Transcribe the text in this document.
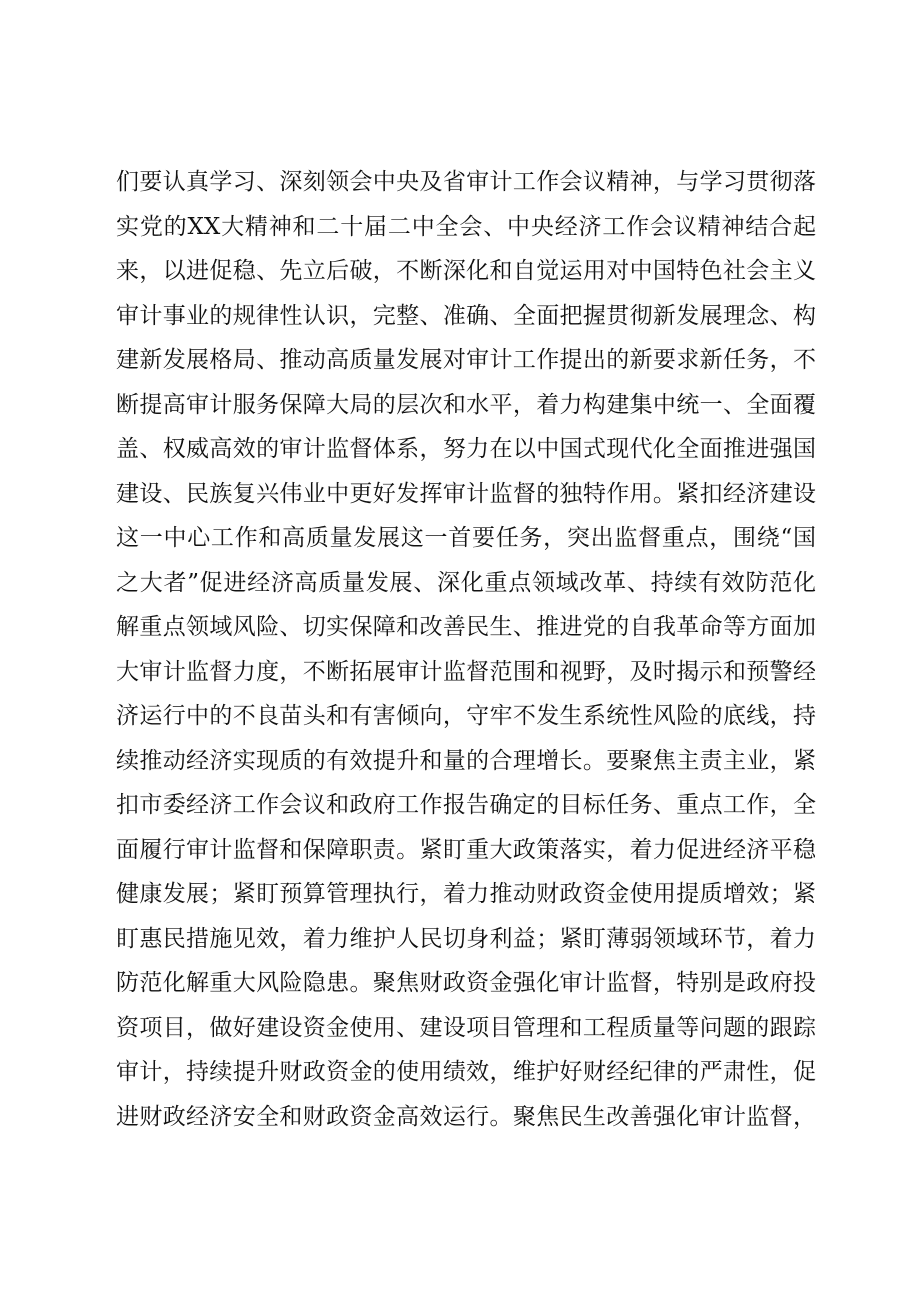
们要认真学习、深刻领会中央及省审计工作会议精神，与学习贯彻落
实党的XX大精神和二十届二中全会、中央经济工作会议精神结合起
来，以进促稳、先立后破，不断深化和自觉运用对中国特色社会主义
审计事业的规律性认识，完整、准确、全面把握贯彻新发展理念、构
建新发展格局、推动高质量发展对审计工作提出的新要求新任务，不
断提高审计服务保障大局的层次和水平，着力构建集中统一、全面覆
盖、权威高效的审计监督体系，努力在以中国式现代化全面推进强国
建设、民族复兴伟业中更好发挥审计监督的独特作用。紧扣经济建设
这一中心工作和高质量发展这一首要任务，突出监督重点，围绕“国
之大者”促进经济高质量发展、深化重点领域改革、持续有效防范化
解重点领域风险、切实保障和改善民生、推进党的自我革命等方面加
大审计监督力度，不断拓展审计监督范围和视野，及时揭示和预警经
济运行中的不良苗头和有害倾向，守牢不发生系统性风险的底线，持
续推动经济实现质的有效提升和量的合理增长。要聚焦主责主业，紧
扣市委经济工作会议和政府工作报告确定的目标任务、重点工作，全
面履行审计监督和保障职责。紧盯重大政策落实，着力促进经济平稳
健康发展；紧盯预算管理执行，着力推动财政资金使用提质增效；紧
盯惠民措施见效，着力维护人民切身利益；紧盯薄弱领域环节，着力
防范化解重大风险隐患。聚焦财政资金强化审计监督，特别是政府投
资项目，做好建设资金使用、建设项目管理和工程质量等问题的跟踪
审计，持续提升财政资金的使用绩效，维护好财经纪律的严肃性，促
进财政经济安全和财政资金高效运行。聚焦民生改善强化审计监督，
